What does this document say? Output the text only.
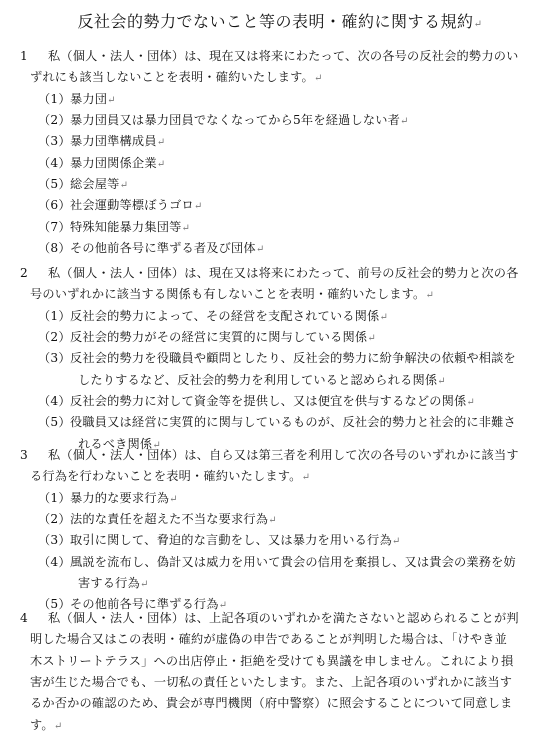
反社会的勢力でないこと等の表明・確約に関する規約↵
1 私（個人・法人・団体）は、現在又は将来にわたって、次の各号の反社会的勢力のい
ずれにも該当しないことを表明・確約いたします。↵
（1） 暴力団↵
（2） 暴力団員又は暴力団員でなくなってから5年を経過しない者↵
（3） 暴力団準構成員↵
（4） 暴力団関係企業↵
（5） 総会屋等↵
（6） 社会運動等標ぼうゴロ↵
（7） 特殊知能暴力集団等↵
（8） その他前各号に準ずる者及び団体↵
2 私（個人・法人・団体）は、現在又は将来にわたって、前号の反社会的勢力と次の各
号のいずれかに該当する関係も有しないことを表明・確約いたします。↵
（1） 反社会的勢力によって、その経営を支配されている関係↵
（2） 反社会的勢力がその経営に実質的に関与している関係↵
（3） 反社会的勢力を役職員や顧問としたり、反社会的勢力に紛争解決の依頼や相談を
したりするなど、反社会的勢力を利用していると認められる関係↵
（4） 反社会的勢力に対して資金等を提供し、又は便宜を供与するなどの関係↵
（5） 役職員又は経営に実質的に関与しているものが、反社会的勢力と社会的に非難さ
れるべき関係↵
3 私（個人・法人・団体）は、自ら又は第三者を利用して次の各号のいずれかに該当す
る行為を行わないことを表明・確約いたします。↵
（1） 暴力的な要求行為↵
（2） 法的な責任を超えた不当な要求行為↵
（3） 取引に関して、脅迫的な言動をし、又は暴力を用いる行為↵
（4） 風説を流布し、偽計又は威力を用いて貴会の信用を棄損し、又は貴会の業務を妨
害する行為↵
（5） その他前各号に準ずる行為↵
4 私（個人・法人・団体）は、上記各項のいずれかを満たさないと認められることが判
明した場合又はこの表明・確約が虚偽の申告であることが判明した場合は、「けやき並
木ストリートテラス」への出店停止・拒絶を受けても異議を申しません。これにより損
害が生じた場合でも、一切私の責任といたします。また、上記各項のいずれかに該当す
るか否かの確認のため、貴会が専門機関（府中警察）に照会することについて同意しま
す。↵
